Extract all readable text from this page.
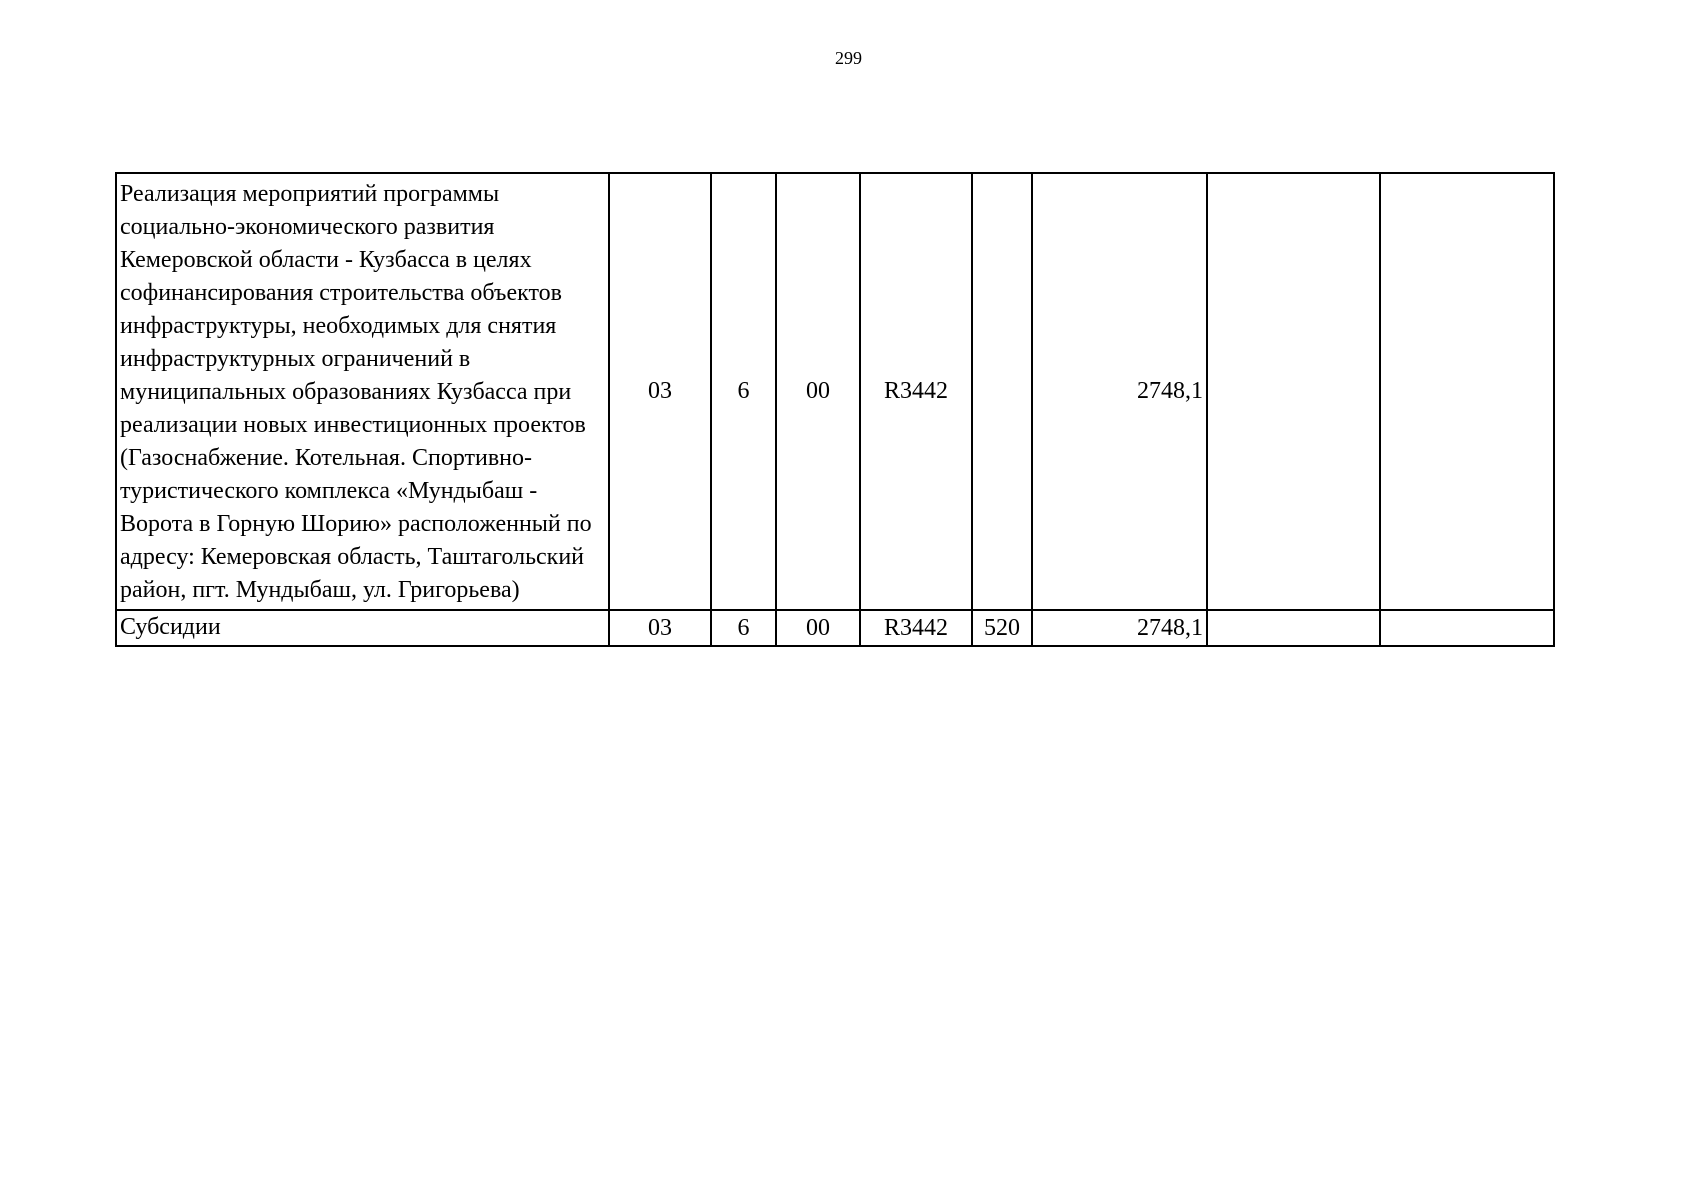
299
Реализация мероприятий программы социально-экономического развития Кемеровской области - Кузбасса в целях софинансирования строительства объектов инфраструктуры, необходимых для снятия инфраструктурных ограничений в муниципальных образованиях Кузбасса при реализации новых инвестиционных проектов (Газоснабжение. Котельная. Спортивно-туристического комплекса «Мундыбаш - Ворота в Горную Шорию» расположенный по адресу: Кемеровская область, Таштагольский район, пгт. Мундыбаш, ул. Григорьева)	03	6	00	R3442		2748,1		
Субсидии	03	6	00	R3442	520	2748,1		
